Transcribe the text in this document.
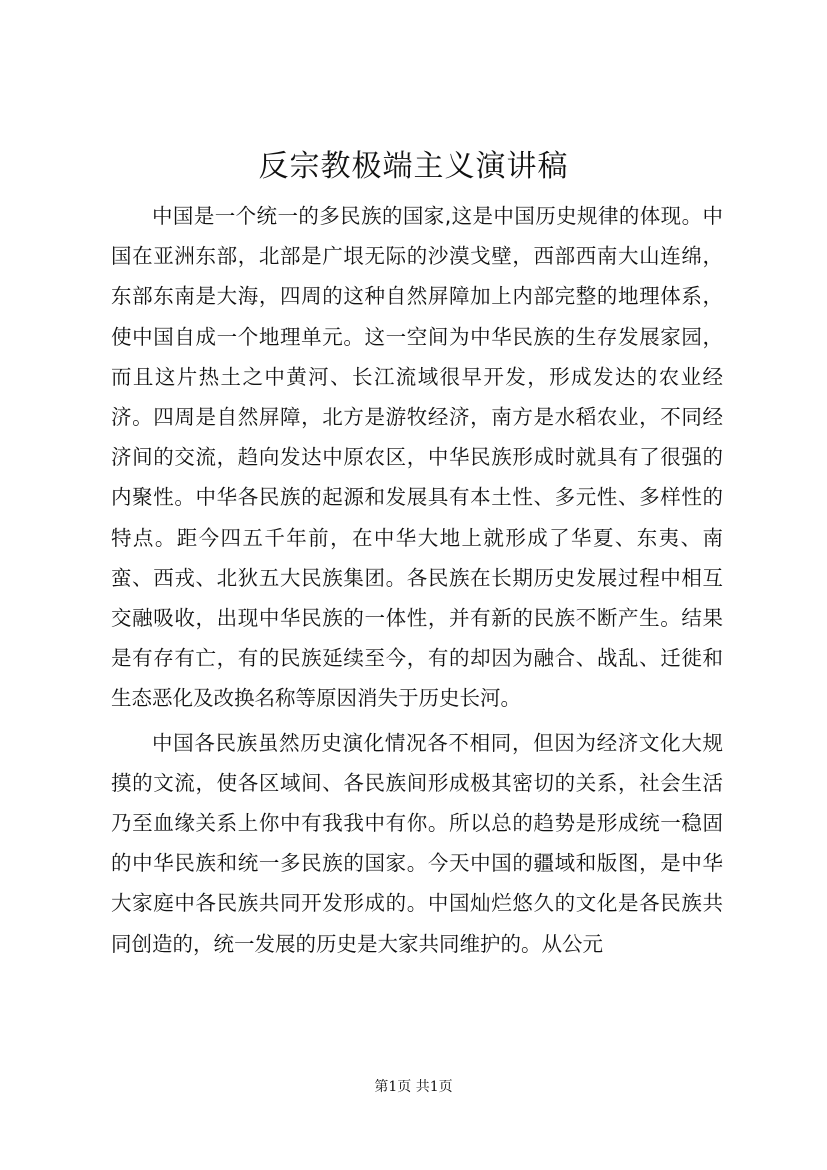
反宗教极端主义演讲稿

中国是一个统一的多民族的国家,这是中国历史规律的体现。中国在亚洲东部，北部是广垠无际的沙漠戈壁，西部西南大山连绵，东部东南是大海，四周的这种自然屏障加上内部完整的地理体系，使中国自成一个地理单元。这一空间为中华民族的生存发展家园，而且这片热土之中黄河、长江流域很早开发，形成发达的农业经济。四周是自然屏障，北方是游牧经济，南方是水稻农业，不同经济间的交流，趋向发达中原农区，中华民族形成时就具有了很强的内聚性。中华各民族的起源和发展具有本土性、多元性、多样性的特点。距今四五千年前，在中华大地上就形成了华夏、东夷、南蛮、西戎、北狄五大民族集团。各民族在长期历史发展过程中相互交融吸收，出现中华民族的一体性，并有新的民族不断产生。结果是有存有亡，有的民族延续至今，有的却因为融合、战乱、迁徙和生态恶化及改换名称等原因消失于历史长河。

中国各民族虽然历史演化情况各不相同，但因为经济文化大规摸的文流，使各区域间、各民族间形成极其密切的关系，社会生活乃至血缘关系上你中有我我中有你。所以总的趋势是形成统一稳固的中华民族和统一多民族的国家。今天中国的疆域和版图，是中华大家庭中各民族共同开发形成的。中国灿烂悠久的文化是各民族共同创造的，统一发展的历史是大家共同维护的。从公元

第1页 共1页
